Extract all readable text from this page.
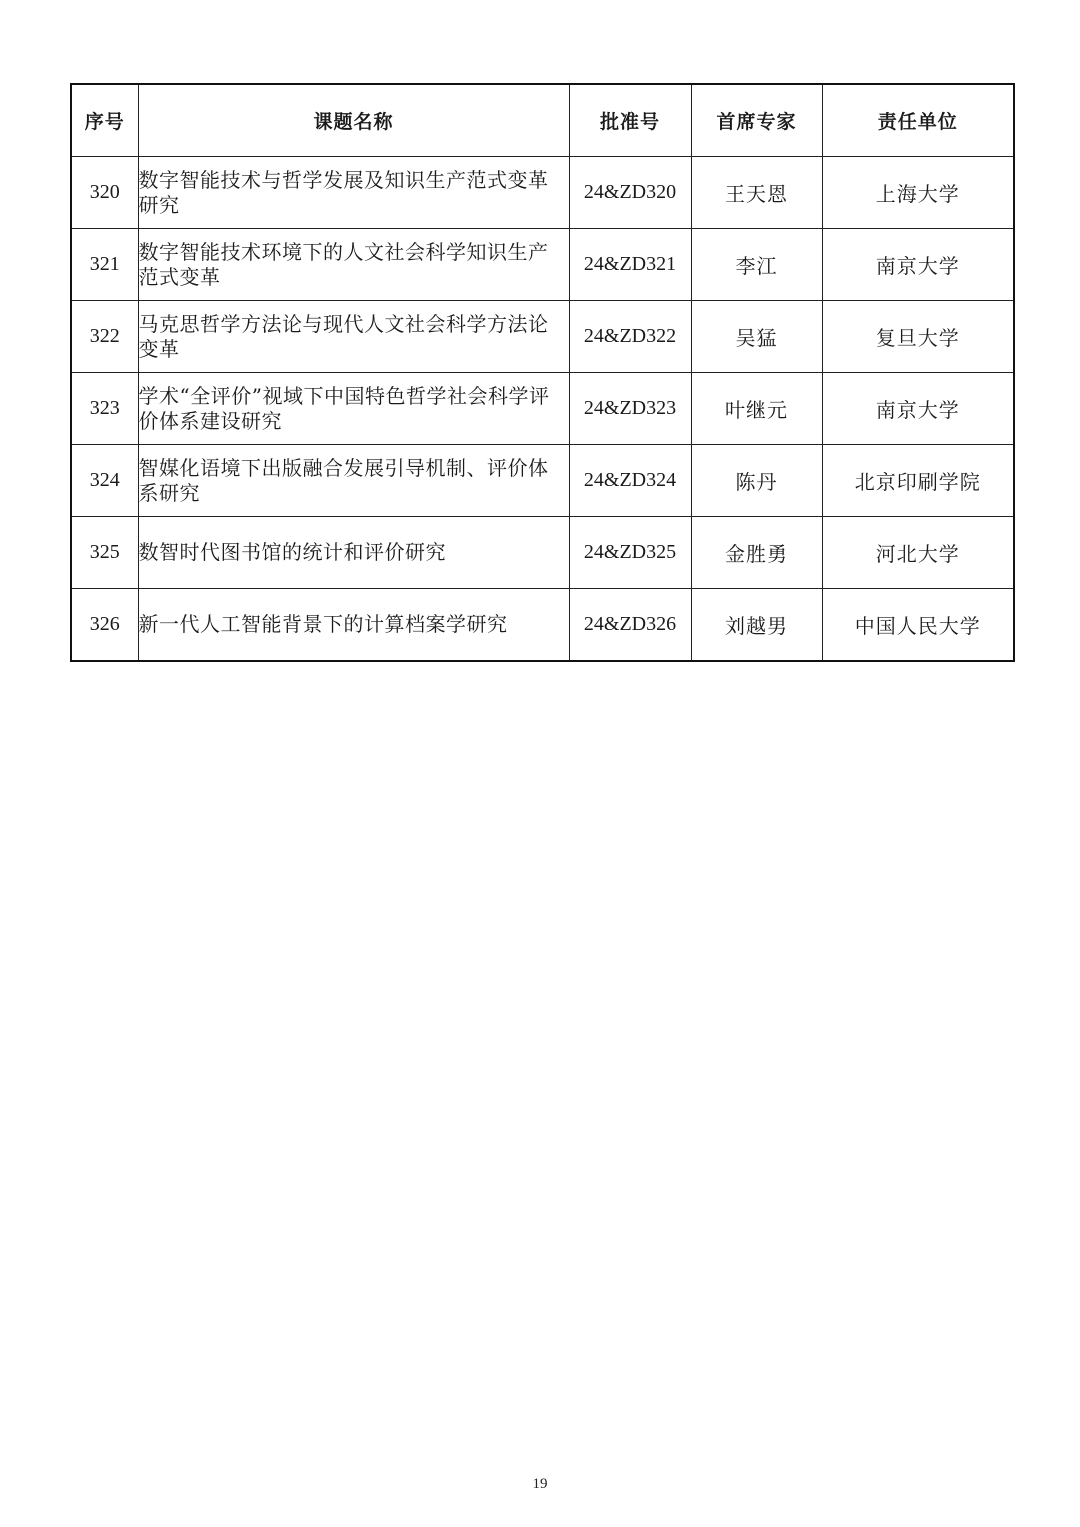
序号	课题名称	批准号	首席专家	责任单位
320	数字智能技术与哲学发展及知识生产范式变革研究	24&ZD320	王天恩	上海大学
321	数字智能技术环境下的人文社会科学知识生产范式变革	24&ZD321	李江	南京大学
322	马克思哲学方法论与现代人文社会科学方法论变革	24&ZD322	吴猛	复旦大学
323	学术“全评价”视域下中国特色哲学社会科学评价体系建设研究	24&ZD323	叶继元	南京大学
324	智媒化语境下出版融合发展引导机制、评价体系研究	24&ZD324	陈丹	北京印刷学院
325	数智时代图书馆的统计和评价研究	24&ZD325	金胜勇	河北大学
326	新一代人工智能背景下的计算档案学研究	24&ZD326	刘越男	中国人民大学
19
